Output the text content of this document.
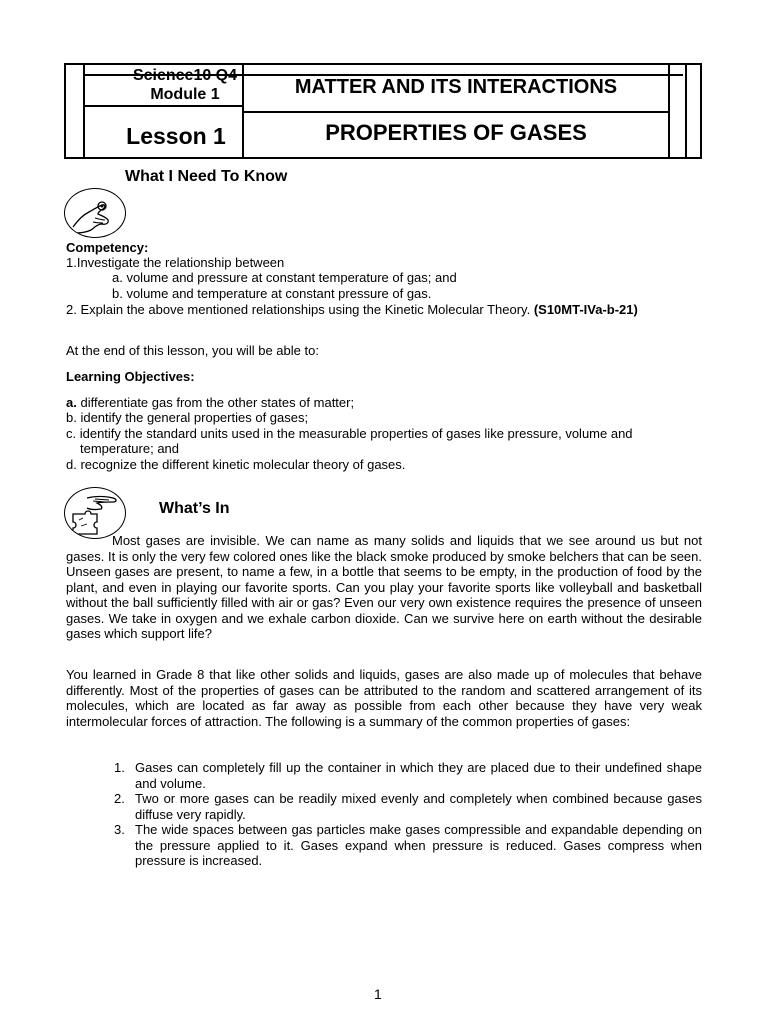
Science10 Q4
Module 1
Lesson 1
MATTER AND ITS INTERACTIONS
PROPERTIES OF GASES
What I Need To Know
Competency:
1.Investigate the relationship between
a. volume and pressure at constant temperature of gas; and
b. volume and temperature at constant pressure of gas.
2. Explain the above mentioned relationships using the Kinetic Molecular Theory. (S10MT-IVa-b-21)
At the end of this lesson, you will be able to:
Learning Objectives:
a. differentiate gas from the other states of matter;
b. identify the general properties of gases;
c. identify the standard units used in the measurable properties of gases like pressure, volume and
temperature; and
d. recognize the different kinetic molecular theory of gases.
What’s In
Most gases are invisible. We can name as many solids and liquids that we see around us but not gases. It is only the very few colored ones like the black smoke produced by smoke belchers that can be seen. Unseen gases are present, to name a few, in a bottle that seems to be empty, in the production of food by the plant, and even in playing our favorite sports. Can you play your favorite sports like volleyball and basketball without the ball sufficiently filled with air or gas? Even our very own existence requires the presence of unseen gases. We take in oxygen and we exhale carbon dioxide. Can we survive here on earth without the desirable gases which support life?
You learned in Grade 8 that like other solids and liquids, gases are also made up of molecules that behave differently. Most of the properties of gases can be attributed to the random and scattered arrangement of its molecules, which are located as far away as possible from each other because they have very weak intermolecular forces of attraction. The following is a summary of the common properties of gases:
1. Gases can completely fill up the container in which they are placed due to their undefined shape and volume.
2. Two or more gases can be readily mixed evenly and completely when combined because gases diffuse very rapidly.
3. The wide spaces between gas particles make gases compressible and expandable depending on the pressure applied to it. Gases expand when pressure is reduced. Gases compress when pressure is increased.
1
